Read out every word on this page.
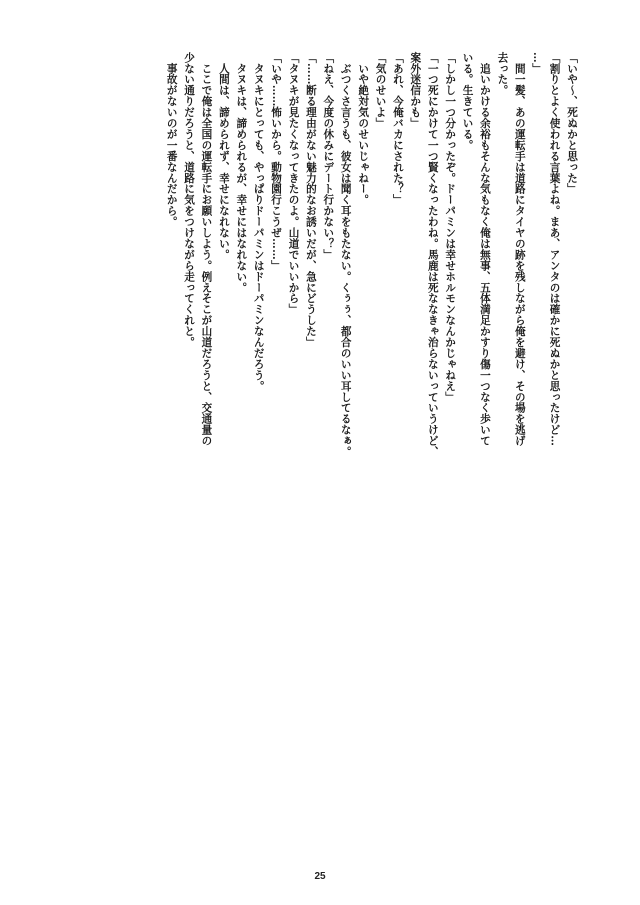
「いや～、死ぬかと思った」

「割りとよく使われる言葉よね。まあ、アンタのは確かに死ぬかと思ったけど…

…」

　間一髪、あの運転手は道路にタイヤの跡を残しながら俺を避け、その場を逃げ

去った。

　追いかける余裕もそんな気もなく俺は無事、五体満足かすり傷一つなく歩いて

いる。生きている。

「しかし一つ分かったぞ。ドーパミンは幸せホルモンなんかじゃねえ」

「一つ死にかけて一つ賢くなったわね。馬鹿は死ななきゃ治らないっていうけど、

案外迷信かも」

「あれ、今俺バカにされた？」

「気のせいよ」

　いや絶対気のせいじゃねー。

　ぶつくさ言うも、彼女は聞く耳をもたない。くぅぅ、都合のいい耳してるなぁ。

「ねえ、今度の休みにデート行かない？」

「……断る理由がない魅力的なお誘いだが、急にどうした」

「タヌキが見たくなってきたのよ。山道でいいから」

「いや……怖いから。動物園行こうぜ……」

　タヌキにとっても、やっぱりドーパミンはドーパミンなんだろう。

　タヌキは、諦められるが、幸せにはなれない。

　人間は、諦められず、幸せになれない。

　ここで俺は全国の運転手にお願いしよう。例えそこが山道だろうと、交通量の

少ない通りだろうと、道路に気をつけながら走ってくれと。

　事故がないのが一番なんだから。

25
